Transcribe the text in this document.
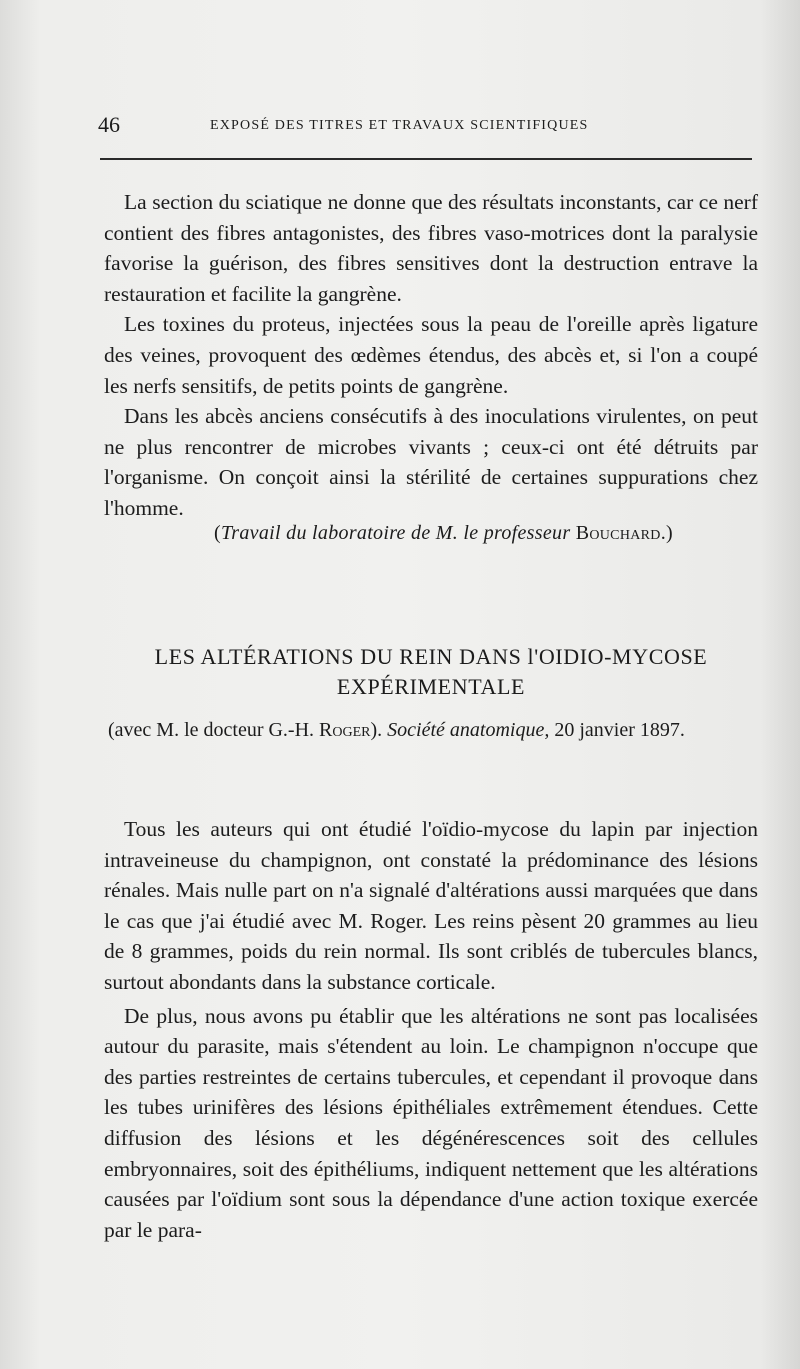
46	EXPOSÉ DES TITRES ET TRAVAUX SCIENTIFIQUES

La section du sciatique ne donne que des résultats inconstants, car ce nerf contient des fibres antagonistes, des fibres vaso-motrices dont la paralysie favorise la guérison, des fibres sensitives dont la destruction entrave la restauration et facilite la gangrène.

Les toxines du proteus, injectées sous la peau de l'oreille après ligature des veines, provoquent des œdèmes étendus, des abcès et, si l'on a coupé les nerfs sensitifs, de petits points de gangrène.

Dans les abcès anciens consécutifs à des inoculations virulentes, on peut ne plus rencontrer de microbes vivants ; ceux-ci ont été détruits par l'organisme. On conçoit ainsi la stérilité de certaines suppurations chez l'homme.

(Travail du laboratoire de M. le professeur Bouchard.)
LES ALTÉRATIONS DU REIN DANS l'OIDIO-MYCOSE
EXPÉRIMENTALE
(avec M. le docteur G.-H. Roger). Société anatomique, 20 janvier 1897.

Tous les auteurs qui ont étudié l'oïdio-mycose du lapin par injection intraveineuse du champignon, ont constaté la prédominance des lésions rénales. Mais nulle part on n'a signalé d'altérations aussi marquées que dans le cas que j'ai étudié avec M. Roger. Les reins pèsent 20 grammes au lieu de 8 grammes, poids du rein normal. Ils sont criblés de tubercules blancs, surtout abondants dans la substance corticale.

De plus, nous avons pu établir que les altérations ne sont pas localisées autour du parasite, mais s'étendent au loin. Le champignon n'occupe que des parties restreintes de certains tubercules, et cependant il provoque dans les tubes urinifères des lésions épithéliales extrêmement étendues. Cette diffusion des lésions et les dégénérescences soit des cellules embryonnaires, soit des épithéliums, indiquent nettement que les altérations causées par l'oïdium sont sous la dépendance d'une action toxique exercée par le para-
